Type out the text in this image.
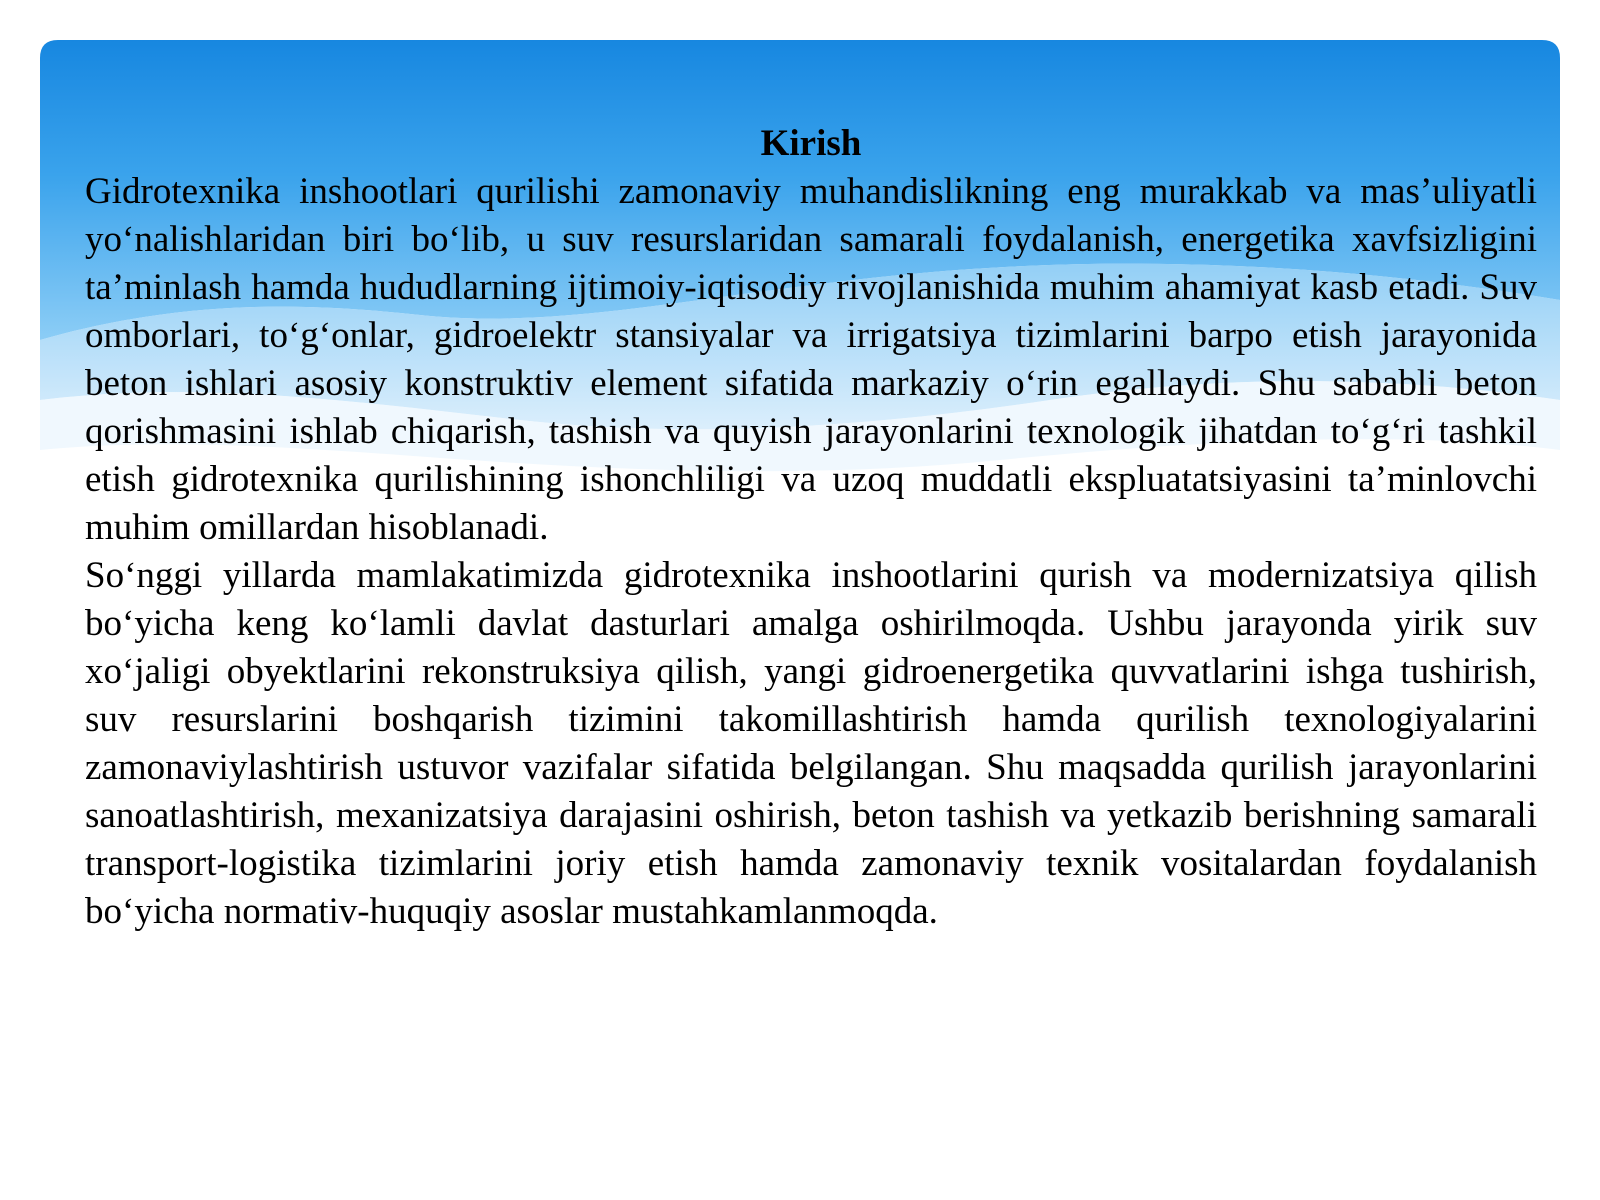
Kirish

Gidrotexnika inshootlari qurilishi zamonaviy muhandislikning eng murakkab va mas’uliyatli yo‘nalishlaridan biri bo‘lib, u suv resurslaridan samarali foydalanish, energetika xavfsizligini ta’minlash hamda hududlarning ijtimoiy-iqtisodiy rivojlanishida muhim ahamiyat kasb etadi. Suv omborlari, to‘g‘onlar, gidroelektr stansiyalar va irrigatsiya tizimlarini barpo etish jarayonida beton ishlari asosiy konstruktiv element sifatida markaziy o‘rin egallaydi. Shu sababli beton qorishmasini ishlab chiqarish, tashish va quyish jarayonlarini texnologik jihatdan to‘g‘ri tashkil etish gidrotexnika qurilishining ishonchliligi va uzoq muddatli ekspluatatsiyasini ta’minlovchi muhim omillardan hisoblanadi.

So‘nggi yillarda mamlakatimizda gidrotexnika inshootlarini qurish va modernizatsiya qilish bo‘yicha keng ko‘lamli davlat dasturlari amalga oshirilmoqda. Ushbu jarayonda yirik suv xo‘jaligi obyektlarini rekonstruksiya qilish, yangi gidroenergetika quvvatlarini ishga tushirish, suv resurslarini boshqarish tizimini takomillashtirish hamda qurilish texnologiyalarini zamonaviylashtirish ustuvor vazifalar sifatida belgilangan. Shu maqsadda qurilish jarayonlarini sanoatlashtirish, mexanizatsiya darajasini oshirish, beton tashish va yetkazib berishning samarali transport-logistika tizimlarini joriy etish hamda zamonaviy texnik vositalardan foydalanish bo‘yicha normativ-huquqiy asoslar mustahkamlanmoqda.
